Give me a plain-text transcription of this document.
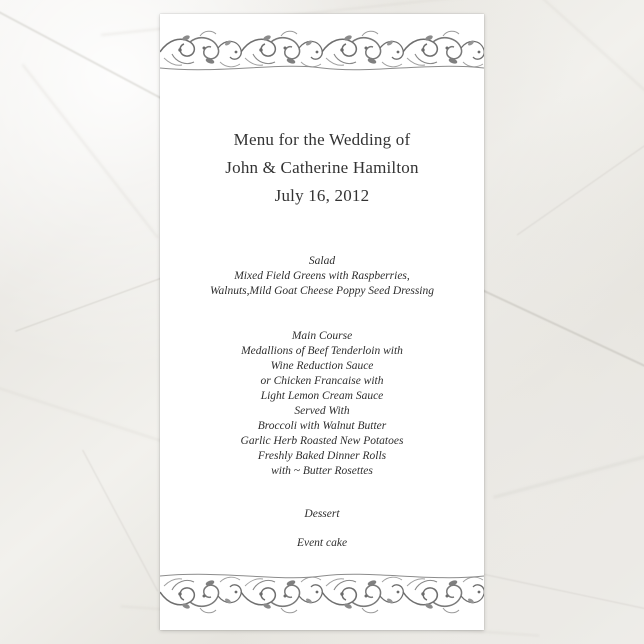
Menu for the Wedding of
John & Catherine Hamilton
July 16, 2012
Salad
Mixed Field Greens with Raspberries,
Walnuts,Mild Goat Cheese Poppy Seed Dressing
Main Course
Medallions of Beef Tenderloin with
Wine Reduction Sauce
or Chicken Francaise with
Light Lemon Cream Sauce
Served With
Broccoli with Walnut Butter
Garlic Herb Roasted New Potatoes
Freshly Baked Dinner Rolls
with ~ Butter Rosettes
Dessert
Event cake
